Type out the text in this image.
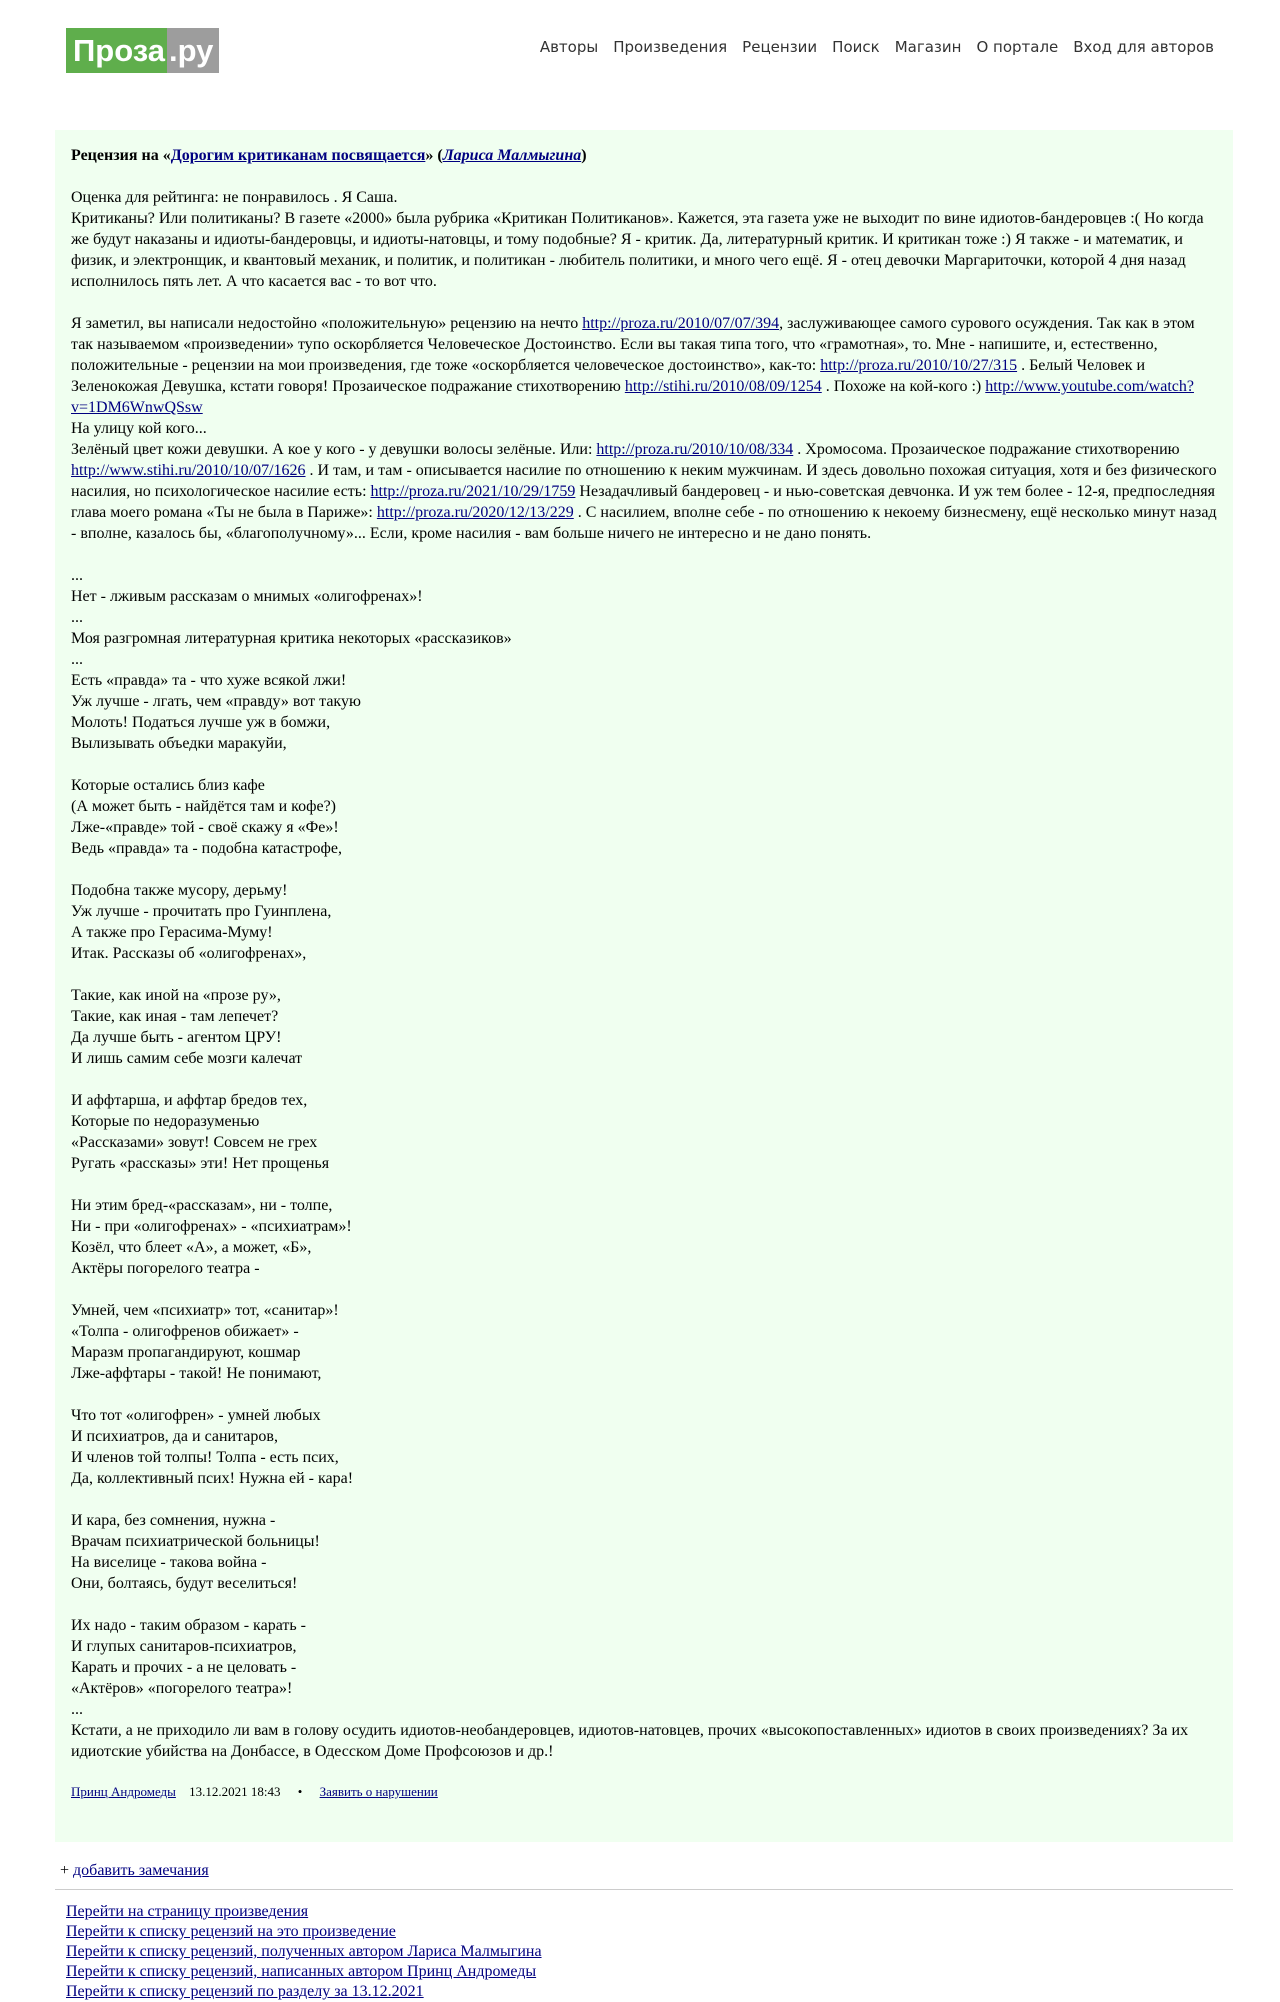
Проза .ру	Авторы Произведения Рецензии Поиск Магазин О портале Вход для авторов
Рецензия на «Дорогим критиканам посвящается» (Лариса Малмыгина)

Оценка для рейтинга: не понравилось . Я Саша.

Критиканы? Или политиканы? В газете «2000» была рубрика «Критикан Политиканов». Кажется, эта газета уже не выходит по вине идиотов-бандеровцев :( Но когда же будут наказаны и идиоты-бандеровцы, и идиоты-натовцы, и тому подобные? Я - критик. Да, литературный критик. И критикан тоже :) Я также - и математик, и физик, и электронщик, и квантовый механик, и политик, и политикан - любитель политики, и много чего ещё. Я - отец девочки Маргариточки, которой 4 дня назад исполнилось пять лет. А что касается вас - то вот что.

Я заметил, вы написали недостойно «положительную» рецензию на нечто http://proza.ru/2010/07/07/394, заслуживающее самого сурового осуждения. Так как в этом так называемом «произведении» тупо оскорбляется Человеческое Достоинство. Если вы такая типа того, что «грамотная», то. Мне - напишите, и, естественно, положительные - рецензии на мои произведения, где тоже «оскорбляется человеческое достоинство», как-то: http://proza.ru/2010/10/27/315 . Белый Человек и Зеленокожая Девушка, кстати говоря! Прозаическое подражание стихотворению http://stihi.ru/2010/08/09/1254 . Похоже на кой-кого :) http://www.youtube.com/watch?v=1DM6WnwQSsw

На улицу кой кого...

Зелёный цвет кожи девушки. А кое у кого - у девушки волосы зелёные. Или: http://proza.ru/2010/10/08/334 . Хромосома. Прозаическое подражание стихотворению http://www.stihi.ru/2010/10/07/1626 . И там, и там - описывается насилие по отношению к неким мужчинам. И здесь довольно похожая ситуация, хотя и без физического насилия, но психологическое насилие есть: http://proza.ru/2021/10/29/1759 Незадачливый бандеровец - и нью-советская девчонка. И уж тем более - 12-я, предпоследняя глава моего романа «Ты не была в Париже»: http://proza.ru/2020/12/13/229 . С насилием, вполне себе - по отношению к некоему бизнесмену, ещё несколько минут назад - вполне, казалось бы, «благополучному»... Если, кроме насилия - вам больше ничего не интересно и не дано понять.

...
Нет - лживым рассказам о мнимых «олигофренах»!
...
Моя разгромная литературная критика некоторых «рассказиков»
...
Есть «правда» та - что хуже всякой лжи!
Уж лучше - лгать, чем «правду» вот такую
Молоть! Податься лучше уж в бомжи,
Вылизывать объедки маракуйи,
Которые остались близ кафе
(А может быть - найдётся там и кофе?)
Лже-«правде» той - своё скажу я «Фе»!
Ведь «правда» та - подобна катастрофе,
Подобна также мусору, дерьму!
Уж лучше - прочитать про Гуинплена,
А также про Герасима-Муму!
Итак. Рассказы об «олигофренах»,
Такие, как иной на «прозе ру»,
Такие, как иная - там лепечет?
Да лучше быть - агентом ЦРУ!
И лишь самим себе мозги калечат
И аффтарша, и аффтар бредов тех,
Которые по недоразуменью
«Рассказами» зовут! Совсем не грех
Ругать «рассказы» эти! Нет прощенья
Ни этим бред-«рассказам», ни - толпе,
Ни - при «олигофренах» - «психиатрам»!
Козёл, что блеет «А», а может, «Б»,
Актёры погорелого театра -
Умней, чем «психиатр» тот, «санитар»!
«Толпа - олигофренов обижает» -
Маразм пропагандируют, кошмар
Лже-аффтары - такой! Не понимают,
Что тот «олигофрен» - умней любых
И психиатров, да и санитаров,
И членов той толпы! Толпа - есть псих,
Да, коллективный псих! Нужна ей - кара!
И кара, без сомнения, нужна -
Врачам психиатрической больницы!
На виселице - такова война -
Они, болтаясь, будут веселиться!
Их надо - таким образом - карать -
И глупых санитаров-психиатров,
Карать и прочих - а не целовать -
«Актёров» «погорелого театра»!
...

Кстати, а не приходило ли вам в голову осудить идиотов-необандеровцев, идиотов-натовцев, прочих «высокопоставленных» идиотов в своих произведениях? За их идиотские убийства на Донбассе, в Одесском Доме Профсоюзов и др.!

Принц Андромеды 13.12.2021 18:43 • Заявить о нарушении
+ добавить замечания
Перейти на страницу произведения
Перейти к списку рецензий на это произведение
Перейти к списку рецензий, полученных автором Лариса Малмыгина
Перейти к списку рецензий, написанных автором Принц Андромеды
Перейти к списку рецензий по разделу за 13.12.2021
